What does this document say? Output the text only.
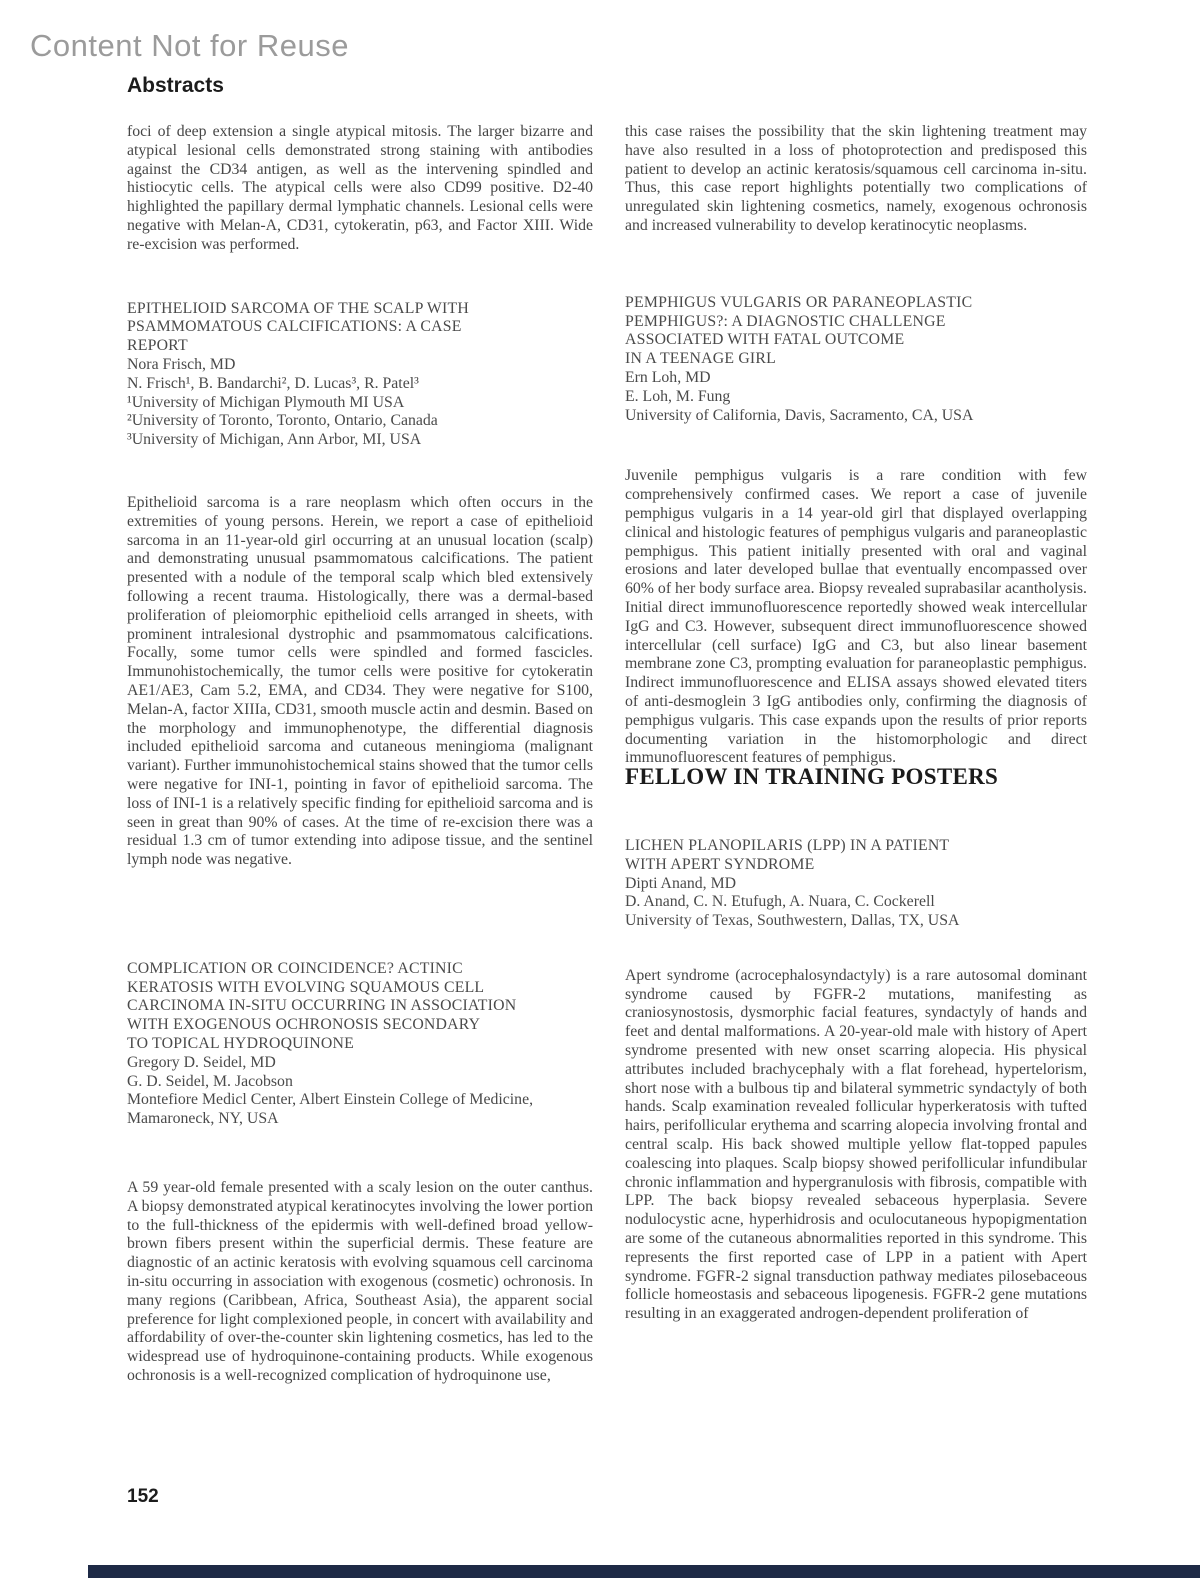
Content Not for Reuse
Abstracts

foci of deep extension a single atypical mitosis. The larger bizarre and atypical lesional cells demonstrated strong staining with antibodies against the CD34 antigen, as well as the intervening spindled and histiocytic cells. The atypical cells were also CD99 positive. D2-40 highlighted the papillary dermal lymphatic channels. Lesional cells were negative with Melan-A, CD31, cytokeratin, p63, and Factor XIII. Wide re-excision was performed.

EPITHELIOID SARCOMA OF THE SCALP WITH
PSAMMOMATOUS CALCIFICATIONS: A CASE
REPORT
Nora Frisch, MD
N. Frisch¹, B. Bandarchi², D. Lucas³, R. Patel³
¹University of Michigan Plymouth MI USA
²University of Toronto, Toronto, Ontario, Canada
³University of Michigan, Ann Arbor, MI, USA

Epithelioid sarcoma is a rare neoplasm which often occurs in the extremities of young persons. Herein, we report a case of epithelioid sarcoma in an 11-year-old girl occurring at an unusual location (scalp) and demonstrating unusual psammomatous calcifications. The patient presented with a nodule of the temporal scalp which bled extensively following a recent trauma. Histologically, there was a dermal-based proliferation of pleiomorphic epithelioid cells arranged in sheets, with prominent intralesional dystrophic and psammomatous calcifications. Focally, some tumor cells were spindled and formed fascicles. Immunohistochemically, the tumor cells were positive for cytokeratin AE1/AE3, Cam 5.2, EMA, and CD34. They were negative for S100, Melan-A, factor XIIIa, CD31, smooth muscle actin and desmin. Based on the morphology and immunophenotype, the differential diagnosis included epithelioid sarcoma and cutaneous meningioma (malignant variant). Further immunohistochemical stains showed that the tumor cells were negative for INI-1, pointing in favor of epithelioid sarcoma. The loss of INI-1 is a relatively specific finding for epithelioid sarcoma and is seen in great than 90% of cases. At the time of re-excision there was a residual 1.3 cm of tumor extending into adipose tissue, and the sentinel lymph node was negative.

COMPLICATION OR COINCIDENCE? ACTINIC
KERATOSIS WITH EVOLVING SQUAMOUS CELL
CARCINOMA IN-SITU OCCURRING IN ASSOCIATION
WITH EXOGENOUS OCHRONOSIS SECONDARY
TO TOPICAL HYDROQUINONE
Gregory D. Seidel, MD
G. D. Seidel, M. Jacobson
Montefiore Medicl Center, Albert Einstein College of Medicine,
Mamaroneck, NY, USA

A 59 year-old female presented with a scaly lesion on the outer canthus. A biopsy demonstrated atypical keratinocytes involving the lower portion to the full-thickness of the epidermis with well-defined broad yellow-brown fibers present within the superficial dermis. These feature are diagnostic of an actinic keratosis with evolving squamous cell carcinoma in-situ occurring in association with exogenous (cosmetic) ochronosis. In many regions (Caribbean, Africa, Southeast Asia), the apparent social preference for light complexioned people, in concert with availability and affordability of over-the-counter skin lightening cosmetics, has led to the widespread use of hydroquinone-containing products. While exogenous ochronosis is a well-recognized complication of hydroquinone use,

this case raises the possibility that the skin lightening treatment may have also resulted in a loss of photoprotection and predisposed this patient to develop an actinic keratosis/squamous cell carcinoma in-situ. Thus, this case report highlights potentially two complications of unregulated skin lightening cosmetics, namely, exogenous ochronosis and increased vulnerability to develop keratinocytic neoplasms.

PEMPHIGUS VULGARIS OR PARANEOPLASTIC
PEMPHIGUS?: A DIAGNOSTIC CHALLENGE
ASSOCIATED WITH FATAL OUTCOME
IN A TEENAGE GIRL
Ern Loh, MD
E. Loh, M. Fung
University of California, Davis, Sacramento, CA, USA

Juvenile pemphigus vulgaris is a rare condition with few comprehensively confirmed cases. We report a case of juvenile pemphigus vulgaris in a 14 year-old girl that displayed overlapping clinical and histologic features of pemphigus vulgaris and paraneoplastic pemphigus. This patient initially presented with oral and vaginal erosions and later developed bullae that eventually encompassed over 60% of her body surface area. Biopsy revealed suprabasilar acantholysis. Initial direct immunofluorescence reportedly showed weak intercellular IgG and C3. However, subsequent direct immunofluorescence showed intercellular (cell surface) IgG and C3, but also linear basement membrane zone C3, prompting evaluation for paraneoplastic pemphigus. Indirect immunofluorescence and ELISA assays showed elevated titers of anti-desmoglein 3 IgG antibodies only, confirming the diagnosis of pemphigus vulgaris. This case expands upon the results of prior reports documenting variation in the histomorphologic and direct immunofluorescent features of pemphigus.

FELLOW IN TRAINING POSTERS
LICHEN PLANOPILARIS (LPP) IN A PATIENT
WITH APERT SYNDROME
Dipti Anand, MD
D. Anand, C. N. Etufugh, A. Nuara, C. Cockerell
University of Texas, Southwestern, Dallas, TX, USA

Apert syndrome (acrocephalosyndactyly) is a rare autosomal dominant syndrome caused by FGFR-2 mutations, manifesting as craniosynostosis, dysmorphic facial features, syndactyly of hands and feet and dental malformations. A 20-year-old male with history of Apert syndrome presented with new onset scarring alopecia. His physical attributes included brachycephaly with a flat forehead, hypertelorism, short nose with a bulbous tip and bilateral symmetric syndactyly of both hands. Scalp examination revealed follicular hyperkeratosis with tufted hairs, perifollicular erythema and scarring alopecia involving frontal and central scalp. His back showed multiple yellow flat-topped papules coalescing into plaques. Scalp biopsy showed perifollicular infundibular chronic inflammation and hypergranulosis with fibrosis, compatible with LPP. The back biopsy revealed sebaceous hyperplasia. Severe nodulocystic acne, hyperhidrosis and oculocutaneous hypopigmentation are some of the cutaneous abnormalities reported in this syndrome. This represents the first reported case of LPP in a patient with Apert syndrome. FGFR-2 signal transduction pathway mediates pilosebaceous follicle homeostasis and sebaceous lipogenesis. FGFR-2 gene mutations resulting in an exaggerated androgen-dependent proliferation of

152
